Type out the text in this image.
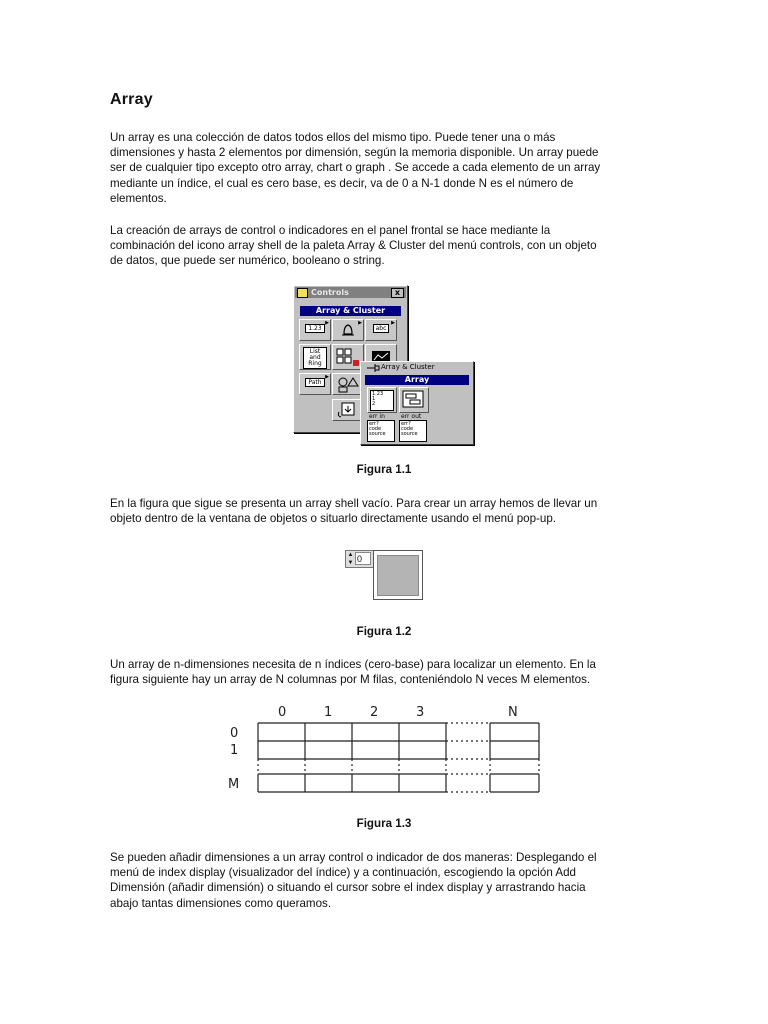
Array

Un array es una colección de datos todos ellos del mismo tipo. Puede tener una o más
dimensiones y hasta 2 elementos por dimensión, según la memoria disponible. Un array puede
ser de cualquier tipo excepto otro array, chart o graph . Se accede a cada elemento de un array
mediante un índice, el cual es cero base, es decir, va de 0 a N-1 donde N es el número de
elementos.

La creación de arrays de control o indicadores en el panel frontal se hace mediante la
combinación del icono array shell de la paleta Array & Cluster del menú controls, con un objeto
de datos, que puede ser numérico, booleano o string.

Controls	x
Array & Cluster
1.23
▶	▶
abc
▶
List
and
Ring
Path
▶
Array & Cluster
Array
1.23
1
2
err in	err out
err?
code
source
err?
code
source

Figura 1.1

En la figura que sigue se presenta un array shell vacío. Para crear un array hemos de llevar un
objeto dentro de la ventana de objetos o situarlo directamente usando el menú pop-up.

▲
▼ 0

Figura 1.2

Un array de n-dimensiones necesita de n índices (cero-base) para localizar un elemento. En la
figura siguiente hay un array de N columnas por M filas, conteniéndolo N veces M elementos.

0	1	2	3	N
0
1
M

Figura 1.3

Se pueden añadir dimensiones a un array control o indicador de dos maneras: Desplegando el
menú de index display (visualizador del índice) y a continuación, escogiendo la opción Add
Dimensión (añadir dimensión) o situando el cursor sobre el index display y arrastrando hacia
abajo tantas dimensiones como queramos.
